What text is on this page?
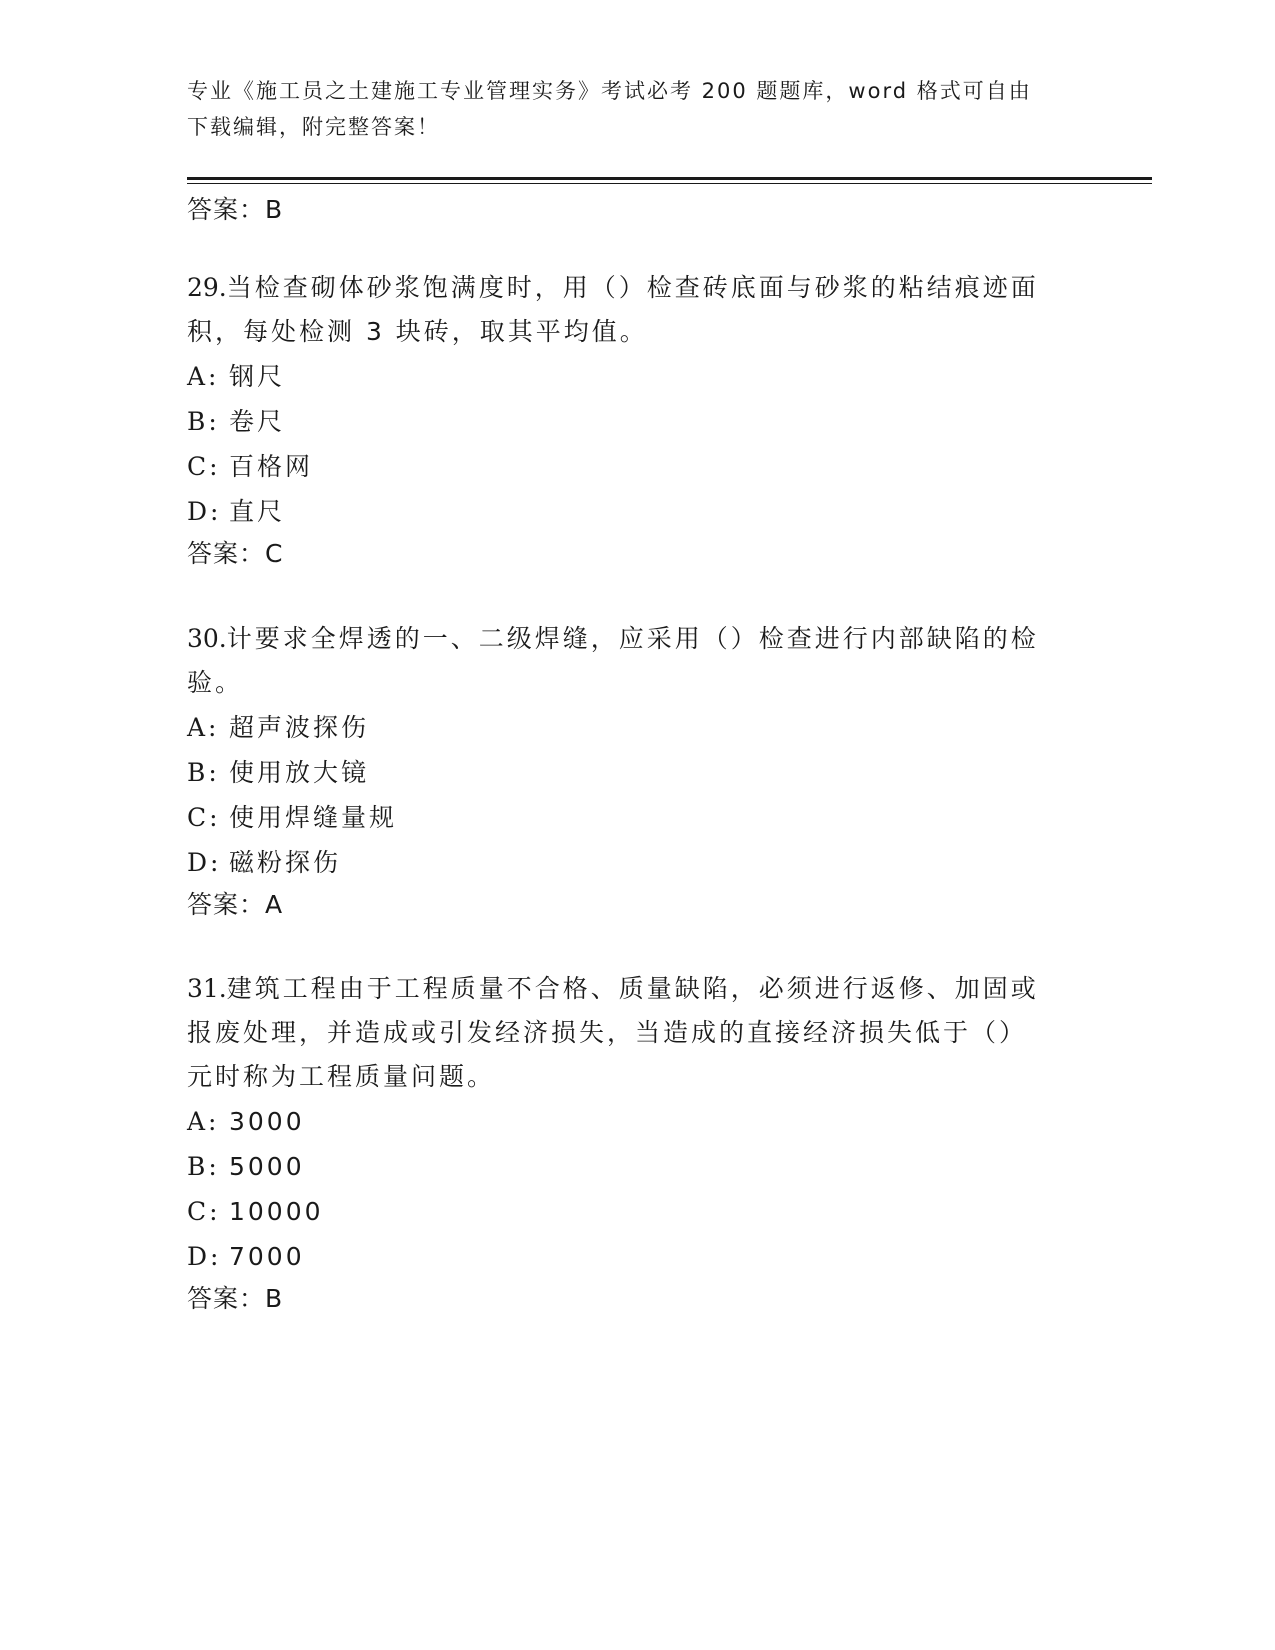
专业《施工员之土建施工专业管理实务》考试必考 200 题题库，word 格式可自由
下载编辑，附完整答案！
答案：B
29.当检查砌体砂浆饱满度时，用（）检查砖底面与砂浆的粘结痕迹面
积，每处检测 3 块砖，取其平均值。
A: 钢尺
B: 卷尺
C: 百格网
D: 直尺
答案：C
30.计要求全焊透的一、二级焊缝，应采用（）检查进行内部缺陷的检
验。
A: 超声波探伤
B: 使用放大镜
C: 使用焊缝量规
D: 磁粉探伤
答案：A
31.建筑工程由于工程质量不合格、质量缺陷，必须进行返修、加固或
报废处理，并造成或引发经济损失，当造成的直接经济损失低于（）
元时称为工程质量问题。
A: 3000
B: 5000
C: 10000
D: 7000
答案：B
